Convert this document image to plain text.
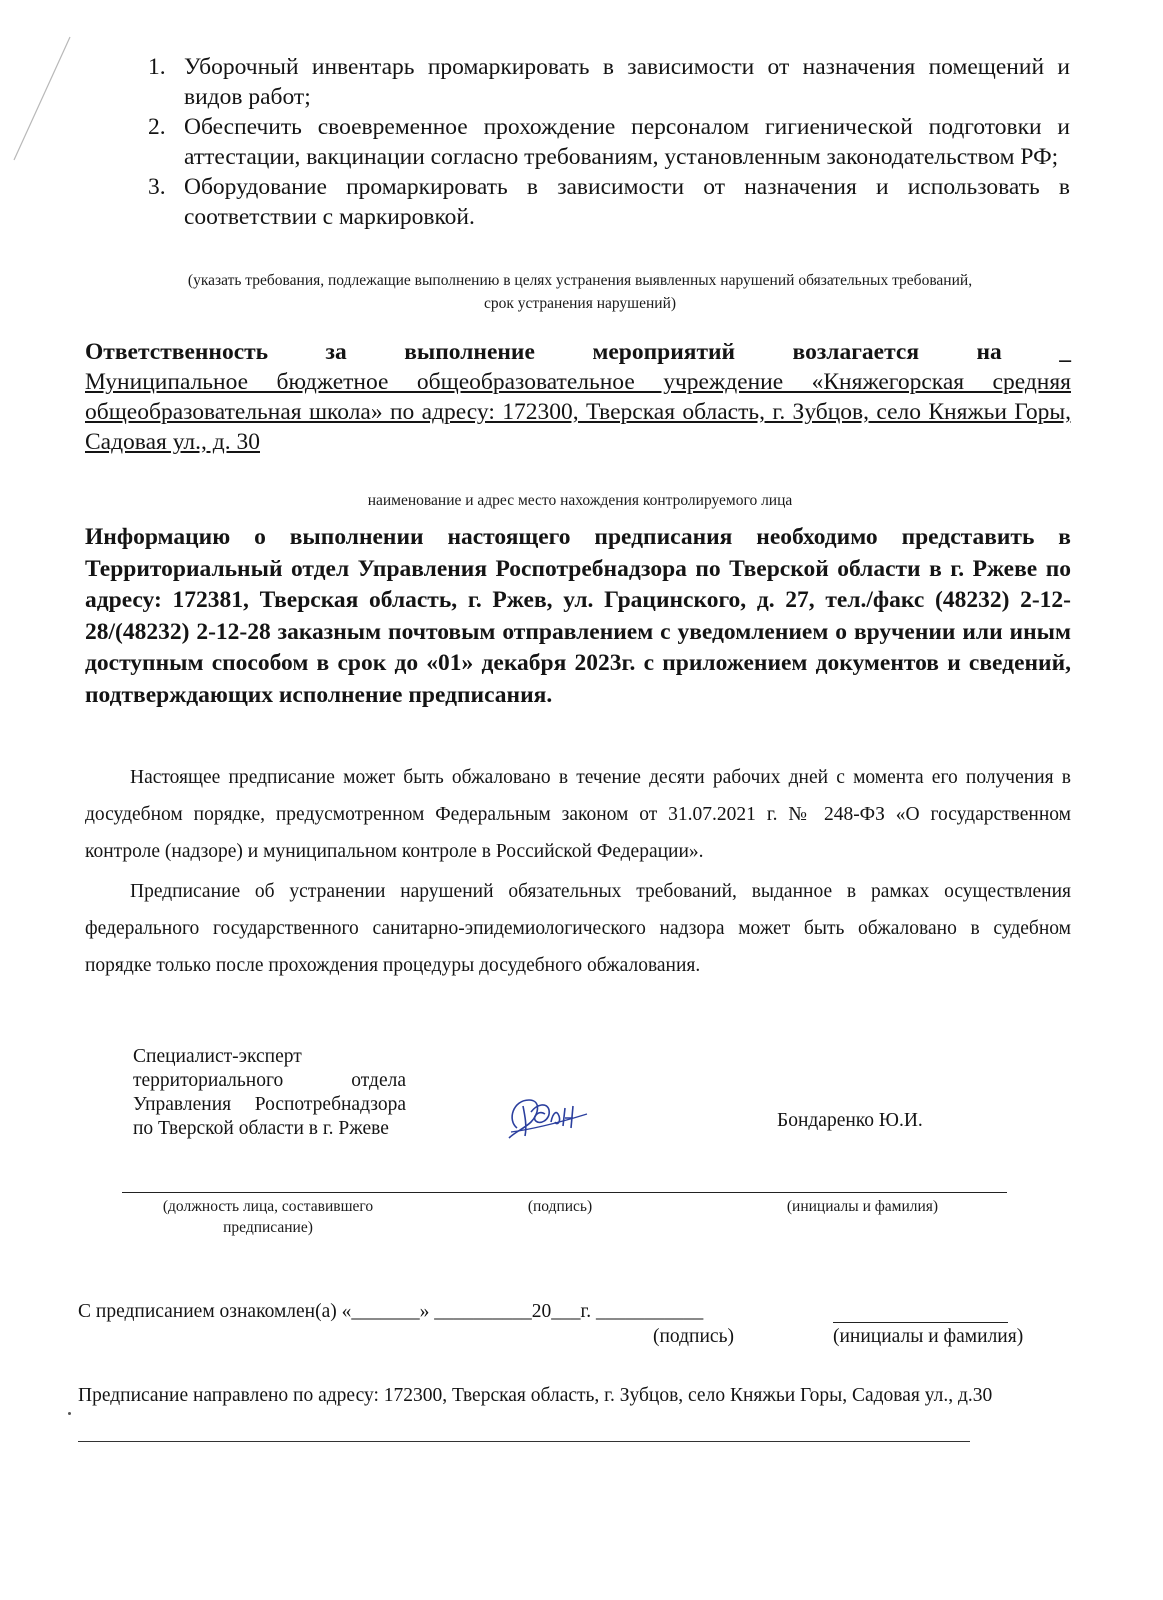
1. Уборочный инвентарь промаркировать в зависимости от назначения помещений и видов работ;
2. Обеспечить своевременное прохождение персоналом гигиенической подготовки и аттестации, вакцинации согласно требованиям, установленным законодательством РФ;
3. Оборудование промаркировать в зависимости от назначения и использовать в соответствии с маркировкой.
(указать требования, подлежащие выполнению в целях устранения выявленных нарушений обязательных требований,
срок устранения нарушений)
Ответственность за выполнение мероприятий возлагается на _
Муниципальное бюджетное общеобразовательное учреждение «Княжегорская средняя общеобразовательная школа» по адресу: 172300, Тверская область, г. Зубцов, село Княжьи Горы, Садовая ул., д. 30
наименование и адрес место нахождения контролируемого лица
Информацию о выполнении настоящего предписания необходимо представить в Территориальный отдел Управления Роспотребнадзора по Тверской области в г. Ржеве по адресу: 172381, Тверская область, г. Ржев, ул. Грацинского, д. 27, тел./факс (48232) 2-12-28/(48232) 2-12-28 заказным почтовым отправлением с уведомлением о вручении или иным доступным способом в срок до «01» декабря 2023г. с приложением документов и сведений, подтверждающих исполнение предписания.
Настоящее предписание может быть обжаловано в течение десяти рабочих дней с момента его получения в досудебном порядке, предусмотренном Федеральным законом от 31.07.2021 г. № 248-ФЗ «О государственном контроле (надзоре) и муниципальном контроле в Российской Федерации».
Предписание об устранении нарушений обязательных требований, выданное в рамках осуществления федерального государственного санитарно-эпидемиологического надзора может быть обжаловано в судебном порядке только после прохождения процедуры досудебного обжалования.
Специалист-эксперт территориального отдела Управления Роспотребнадзора по Тверской области в г. Ржеве	Бондаренко Ю.И.
(должность лица, составившего предписание)
(подпись)	(инициалы и фамилия)
С предписанием ознакомлен(а) «_______» __________20___г. ___________
(подпись)	(инициалы и фамилия)
Предписание направлено по адресу: 172300, Тверская область, г. Зубцов, село Княжьи Горы, Садовая ул., д.30
